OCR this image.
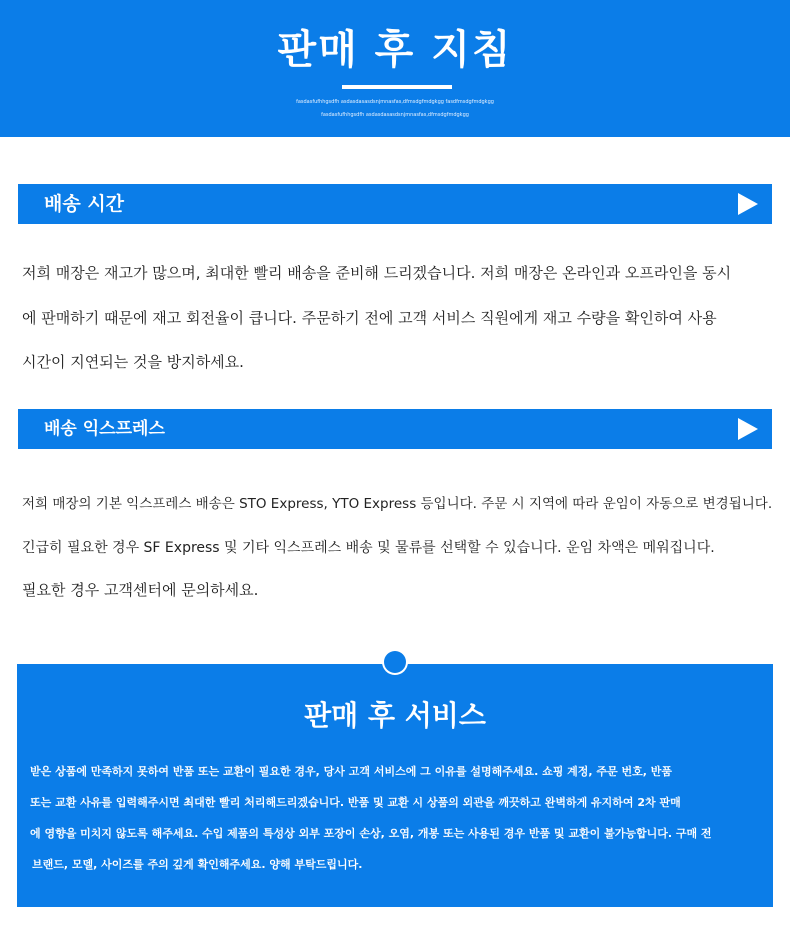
판매 후 지침
fasdasfufhhgsdfh asdasdasasdsnjmnasfas,dfmsdgfmdgkgg fasdfmsdgfmdgkgg
fasdasfufhhgsdfh asdasdasasdsnjmnasfas,dfmsdgfmdgkgg
배송 시간
저희 매장은 재고가 많으며, 최대한 빨리 배송을 준비해 드리겠습니다. 저희 매장은 온라인과 오프라인을 동시
에 판매하기 때문에 재고 회전율이 큽니다. 주문하기 전에 고객 서비스 직원에게 재고 수량을 확인하여 사용
시간이 지연되는 것을 방지하세요.
배송 익스프레스
저희 매장의 기본 익스프레스 배송은 STO Express, YTO Express 등입니다. 주문 시 지역에 따라 운임이 자동으로 변경됩니다.
긴급히 필요한 경우 SF Express 및 기타 익스프레스 배송 및 물류를 선택할 수 있습니다. 운임 차액은 메워집니다.
필요한 경우 고객센터에 문의하세요.
판매 후 서비스
받은 상품에 만족하지 못하여 반품 또는 교환이 필요한 경우, 당사 고객 서비스에 그 이유를 설명해주세요. 쇼핑 계정, 주문 번호, 반품
또는 교환 사유를 입력해주시면 최대한 빨리 처리해드리겠습니다. 반품 및 교환 시 상품의 외관을 깨끗하고 완벽하게 유지하여 2차 판매
에 영향을 미치지 않도록 해주세요. 수입 제품의 특성상 외부 포장이 손상, 오염, 개봉 또는 사용된 경우 반품 및 교환이 불가능합니다. 구매 전
브랜드, 모델, 사이즈를 주의 깊게 확인해주세요. 양해 부탁드립니다.
